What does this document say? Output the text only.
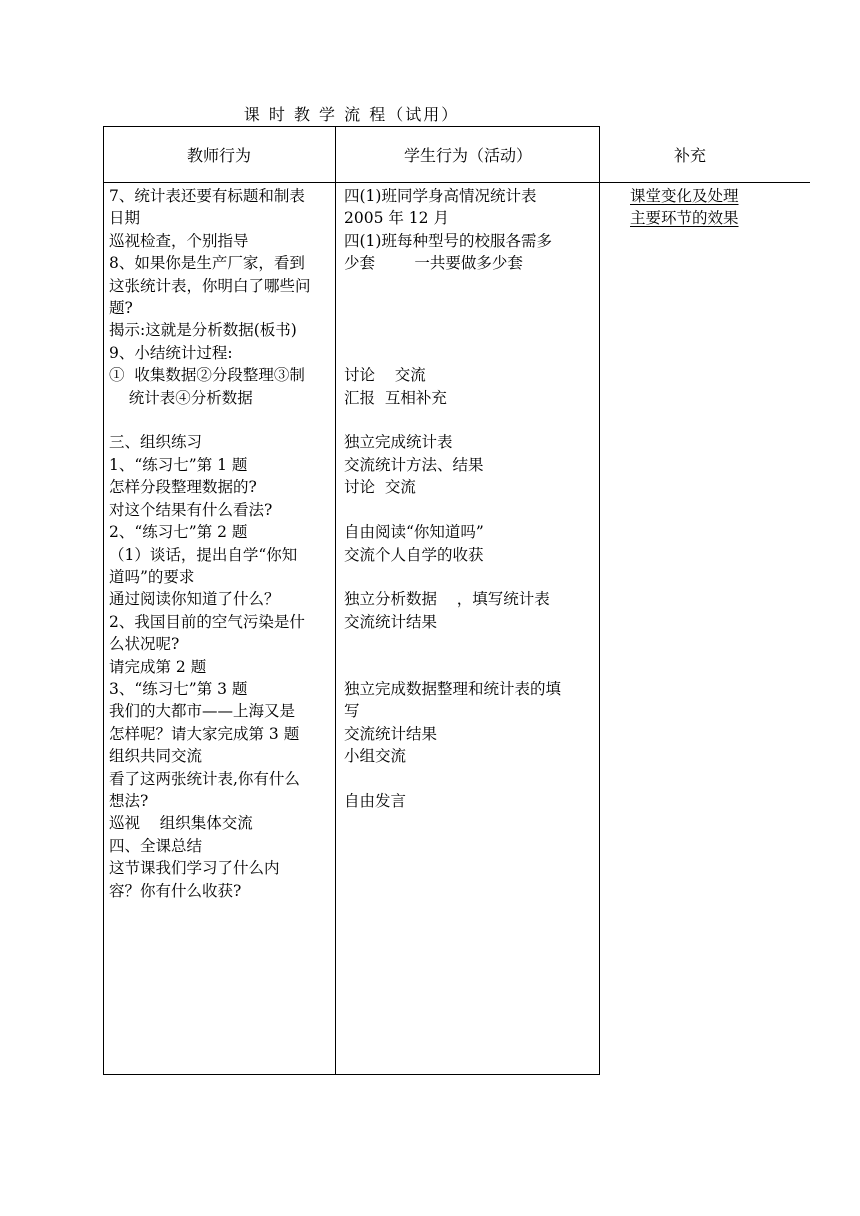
课 时 教 学 流 程（试用）
教师行为	学生行为（活动）	补充
7、统计表还要有标题和制表
日期
巡视检查，个别指导
8、如果你是生产厂家，看到
这张统计表，你明白了哪些问
题?
揭示:这就是分析数据(板书)
9、小结统计过程:
①  收集数据②分段整理③制
统计表④分析数据

三、组织练习
1、“练习七”第 1 题
怎样分段整理数据的?
对这个结果有什么看法?
2、“练习七”第 2 题
（1）谈话，提出自学“你知
道吗”的要求
通过阅读你知道了什么？
2、我国目前的空气污染是什
么状况呢?
请完成第 2 题
3、“练习七”第 3 题
我们的大都市——上海又是
怎样呢？请大家完成第 3 题
组织共同交流
看了这两张统计表,你有什么
想法?
巡视    组织集体交流
四、全课总结
这节课我们学习了什么内
容？你有什么收获?
四(1)班同学身高情况统计表
2005 年 12 月
四(1)班每种型号的校服各需多
少套        一共要做多少套

讨论    交流
汇报  互相补充

独立完成统计表
交流统计方法、结果
讨论  交流

自由阅读“你知道吗”
交流个人自学的收获

独立分析数据    ，填写统计表
交流统计结果

独立完成数据整理和统计表的填
写
交流统计结果
小组交流

自由发言
课堂变化及处理
主要环节的效果
